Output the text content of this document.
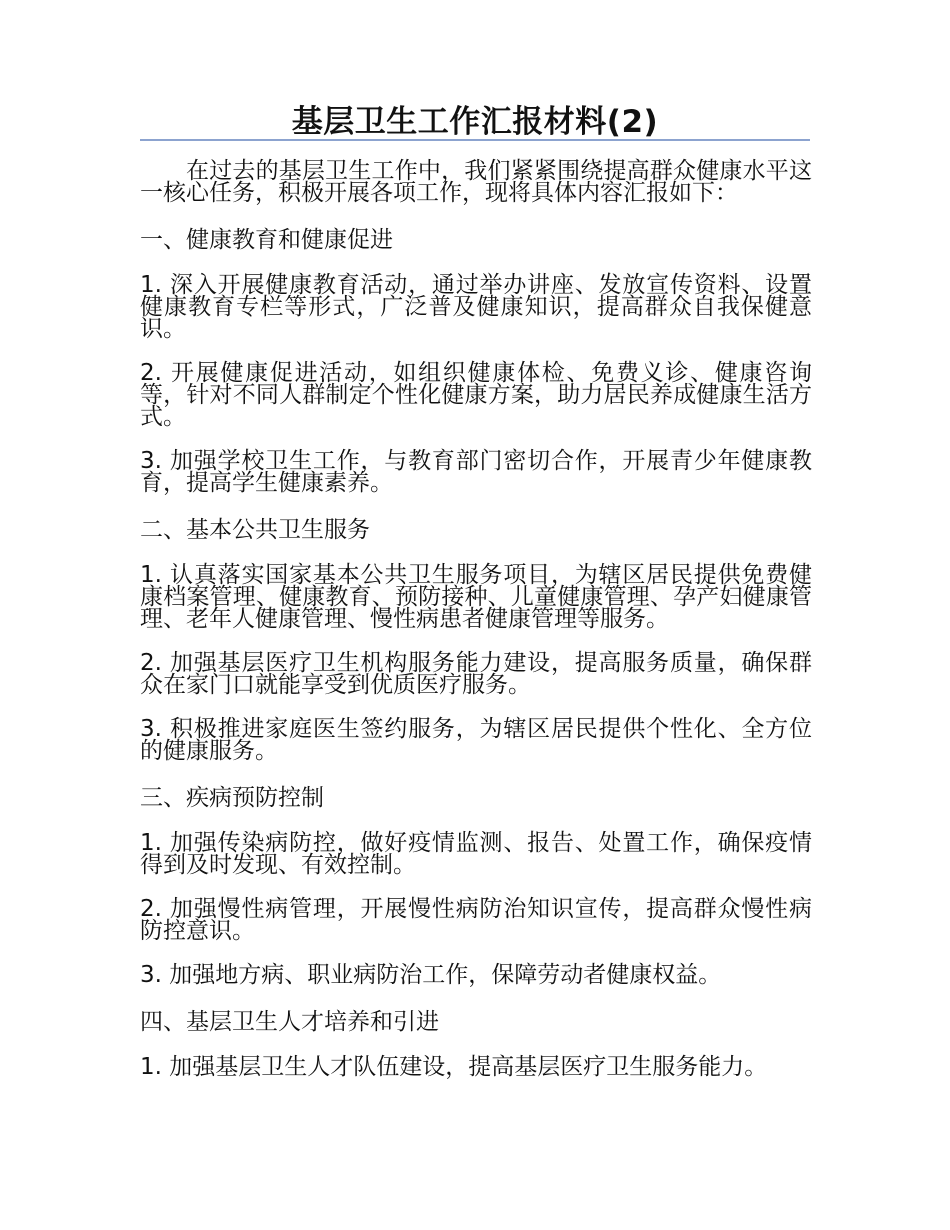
基层卫生工作汇报材料(2)

在过去的基层卫生工作中，我们紧紧围绕提高群众健康水平这一核心任务，积极开展各项工作，现将具体内容汇报如下：

一、健康教育和健康促进

1. 深入开展健康教育活动，通过举办讲座、发放宣传资料、设置健康教育专栏等形式，广泛普及健康知识，提高群众自我保健意识。

2. 开展健康促进活动，如组织健康体检、免费义诊、健康咨询等，针对不同人群制定个性化健康方案，助力居民养成健康生活方式。

3. 加强学校卫生工作，与教育部门密切合作，开展青少年健康教育，提高学生健康素养。

二、基本公共卫生服务

1. 认真落实国家基本公共卫生服务项目，为辖区居民提供免费健康档案管理、健康教育、预防接种、儿童健康管理、孕产妇健康管理、老年人健康管理、慢性病患者健康管理等服务。

2. 加强基层医疗卫生机构服务能力建设，提高服务质量，确保群众在家门口就能享受到优质医疗服务。

3. 积极推进家庭医生签约服务，为辖区居民提供个性化、全方位的健康服务。

三、疾病预防控制

1. 加强传染病防控，做好疫情监测、报告、处置工作，确保疫情得到及时发现、有效控制。

2. 加强慢性病管理，开展慢性病防治知识宣传，提高群众慢性病防控意识。

3. 加强地方病、职业病防治工作，保障劳动者健康权益。

四、基层卫生人才培养和引进

1. 加强基层卫生人才队伍建设，提高基层医疗卫生服务能力。
